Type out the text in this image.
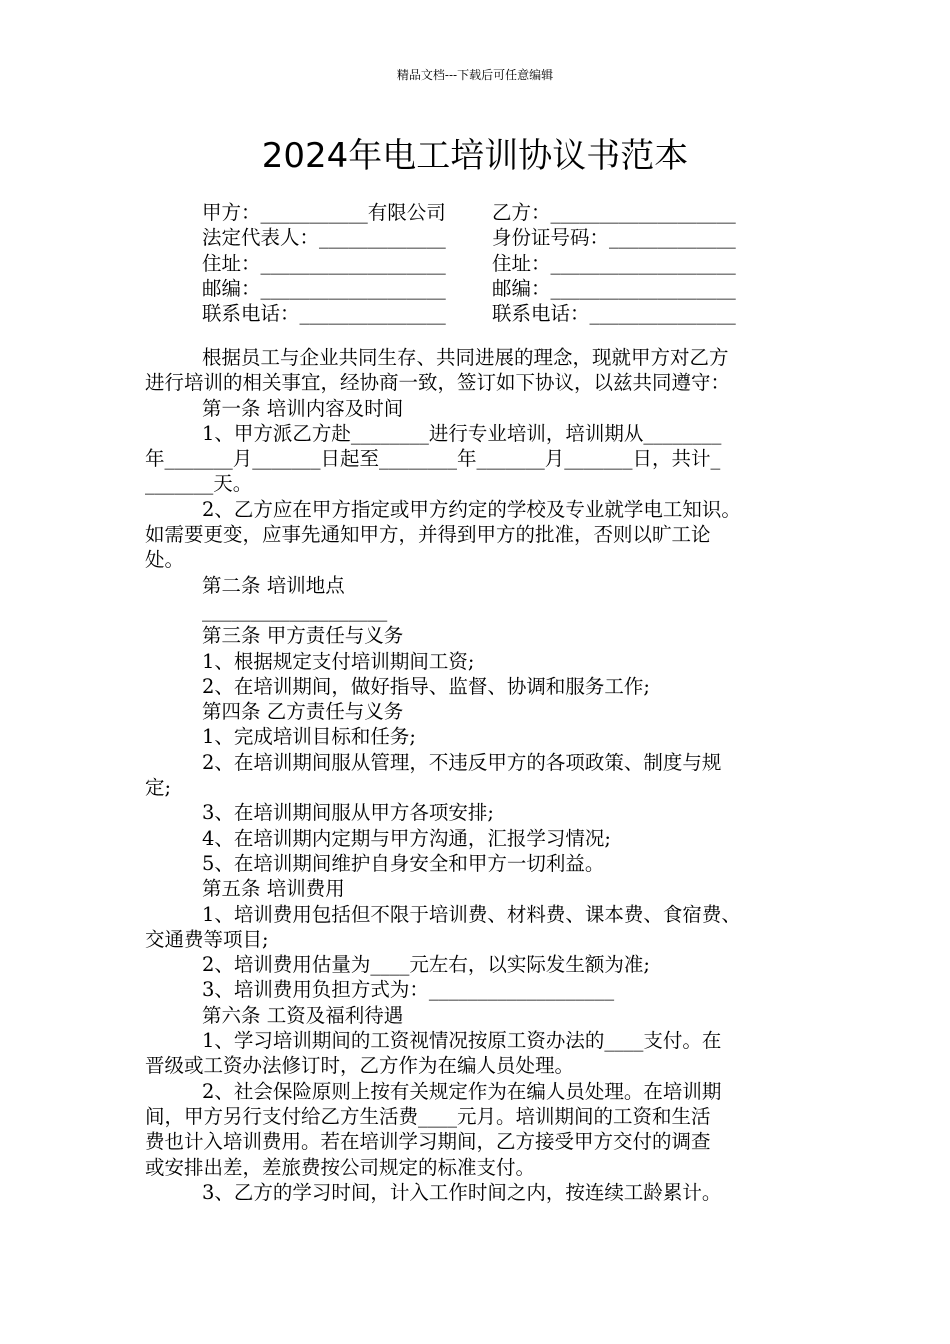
精品文档---下载后可任意编辑
2024年电工培训协议书范本
甲方：___________有限公司 乙方：___________________
法定代表人：_____________ 身份证号码：_____________
住址：___________________ 住址：___________________
邮编：___________________ 邮编：___________________
联系电话：_______________ 联系电话：_______________
根据员工与企业共同生存、共同进展的理念，现就甲方对乙方
进行培训的相关事宜，经协商一致，签订如下协议，以兹共同遵守：
第一条 培训内容及时间
1、甲方派乙方赴________进行专业培训，培训期从________
年_______月_______日起至________年_______月_______日，共计_
_______天。
2、乙方应在甲方指定或甲方约定的学校及专业就学电工知识。
如需要更变，应事先通知甲方，并得到甲方的批准，否则以旷工论
处。
第二条 培训地点
___________________
第三条 甲方责任与义务
1、根据规定支付培训期间工资;
2、在培训期间，做好指导、监督、协调和服务工作;
第四条 乙方责任与义务
1、完成培训目标和任务;
2、在培训期间服从管理，不违反甲方的各项政策、制度与规
定;
3、在培训期间服从甲方各项安排;
4、在培训期内定期与甲方沟通，汇报学习情况;
5、在培训期间维护自身安全和甲方一切利益。
第五条 培训费用
1、培训费用包括但不限于培训费、材料费、课本费、食宿费、
交通费等项目;
2、培训费用估量为____元左右，以实际发生额为准;
3、培训费用负担方式为：___________________
第六条 工资及福利待遇
1、学习培训期间的工资视情况按原工资办法的____支付。在
晋级或工资办法修订时，乙方作为在编人员处理。
2、社会保险原则上按有关规定作为在编人员处理。在培训期
间，甲方另行支付给乙方生活费____元月。培训期间的工资和生活
费也计入培训费用。若在培训学习期间，乙方接受甲方交付的调查
或安排出差，差旅费按公司规定的标准支付。
3、乙方的学习时间，计入工作时间之内，按连续工龄累计。
